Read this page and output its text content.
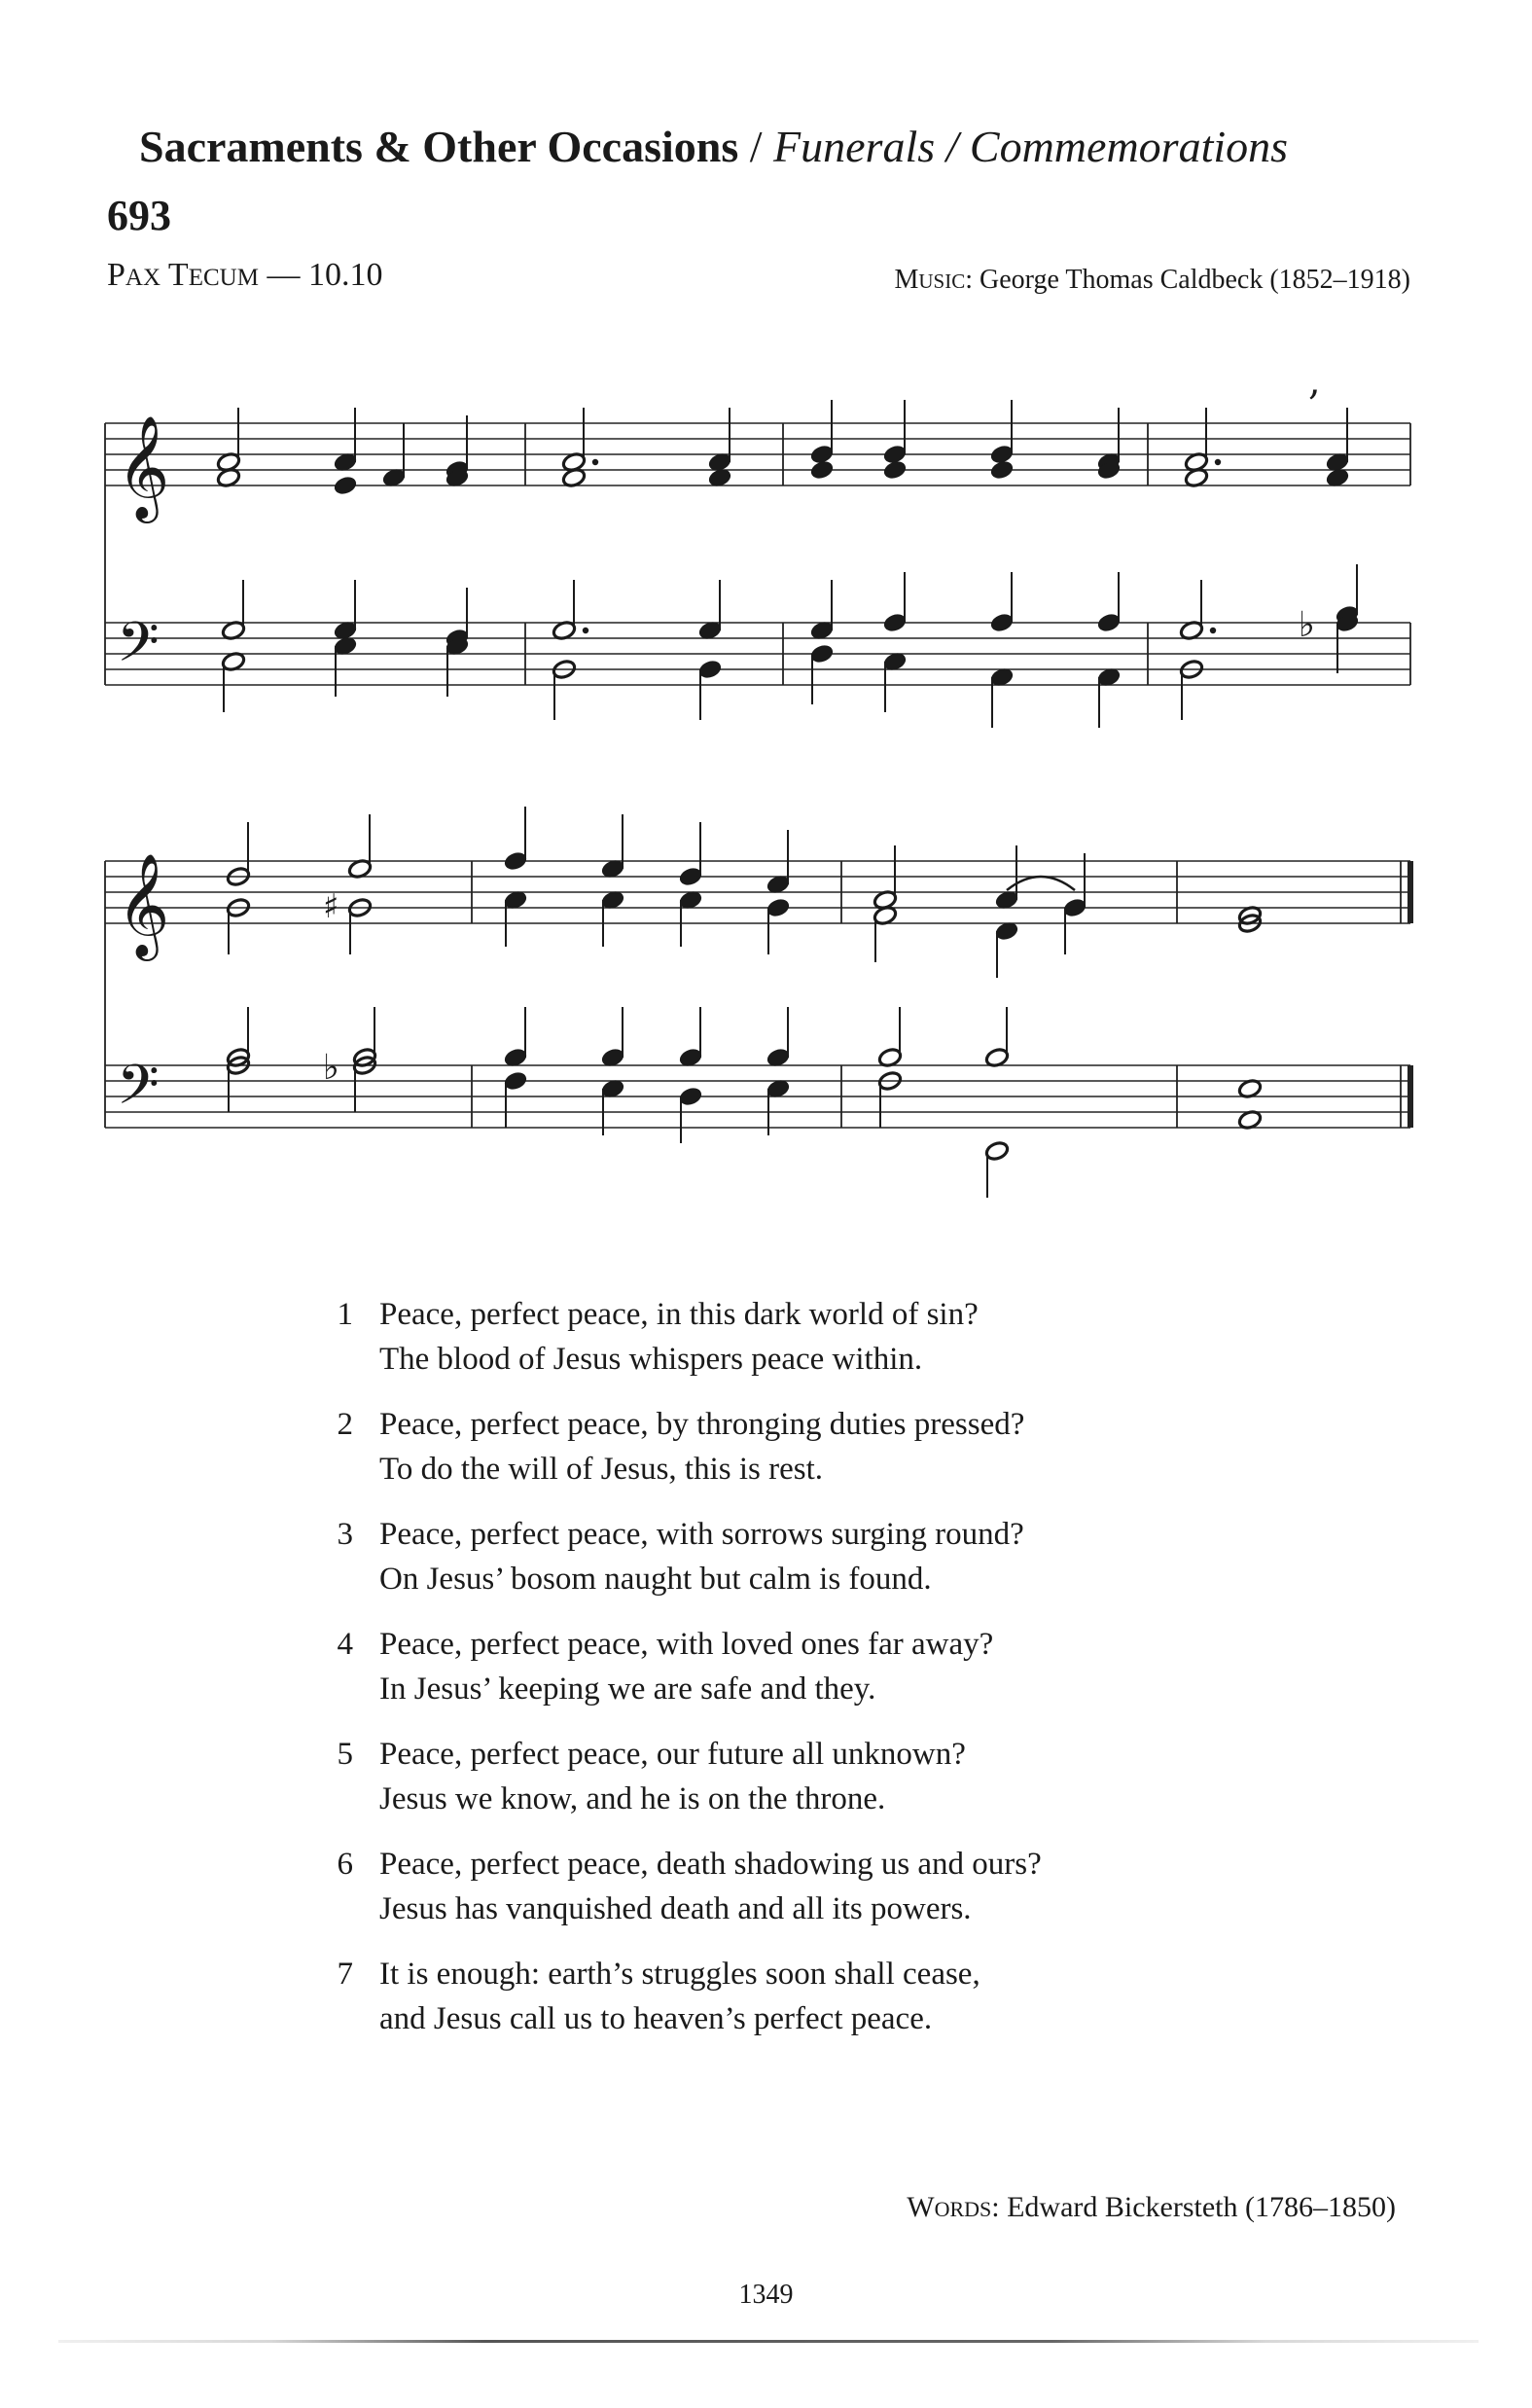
Sacraments & Other Occasions / Funerals / Commemorations
693
PAX TECUM — 10.10	MUSIC: George Thomas Caldbeck (1852–1918)
𝄞
𝄢
𝄞
𝄢
,
♯
♭
♭
1 Peace, perfect peace, in this dark world of sin?
The blood of Jesus whispers peace within.
2 Peace, perfect peace, by thronging duties pressed?
To do the will of Jesus, this is rest.
3 Peace, perfect peace, with sorrows surging round?
On Jesus’ bosom naught but calm is found.
4 Peace, perfect peace, with loved ones far away?
In Jesus’ keeping we are safe and they.
5 Peace, perfect peace, our future all unknown?
Jesus we know, and he is on the throne.
6 Peace, perfect peace, death shadowing us and ours?
Jesus has vanquished death and all its powers.
7 It is enough: earth’s struggles soon shall cease,
and Jesus call us to heaven’s perfect peace.
WORDS: Edward Bickersteth (1786–1850)
1349
